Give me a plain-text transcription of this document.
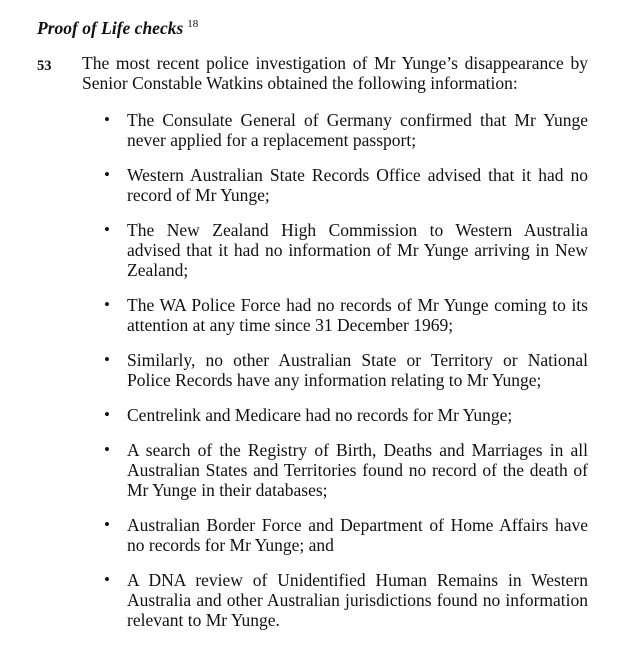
Proof of Life checks $^{18}$
53 The most recent police investigation of Mr Yunge’s disappearance by Senior Constable Watkins obtained the following information:
• The Consulate General of Germany confirmed that Mr Yunge never applied for a replacement passport;
• Western Australian State Records Office advised that it had no record of Mr Yunge;
• The New Zealand High Commission to Western Australia advised that it had no information of Mr Yunge arriving in New Zealand;
• The WA Police Force had no records of Mr Yunge coming to its attention at any time since 31 December 1969;
• Similarly, no other Australian State or Territory or National Police Records have any information relating to Mr Yunge;
• Centrelink and Medicare had no records for Mr Yunge;
• A search of the Registry of Birth, Deaths and Marriages in all Australian States and Territories found no record of the death of Mr Yunge in their databases;
• Australian Border Force and Department of Home Affairs have no records for Mr Yunge; and
• A DNA review of Unidentified Human Remains in Western Australia and other Australian jurisdictions found no information relevant to Mr Yunge.
